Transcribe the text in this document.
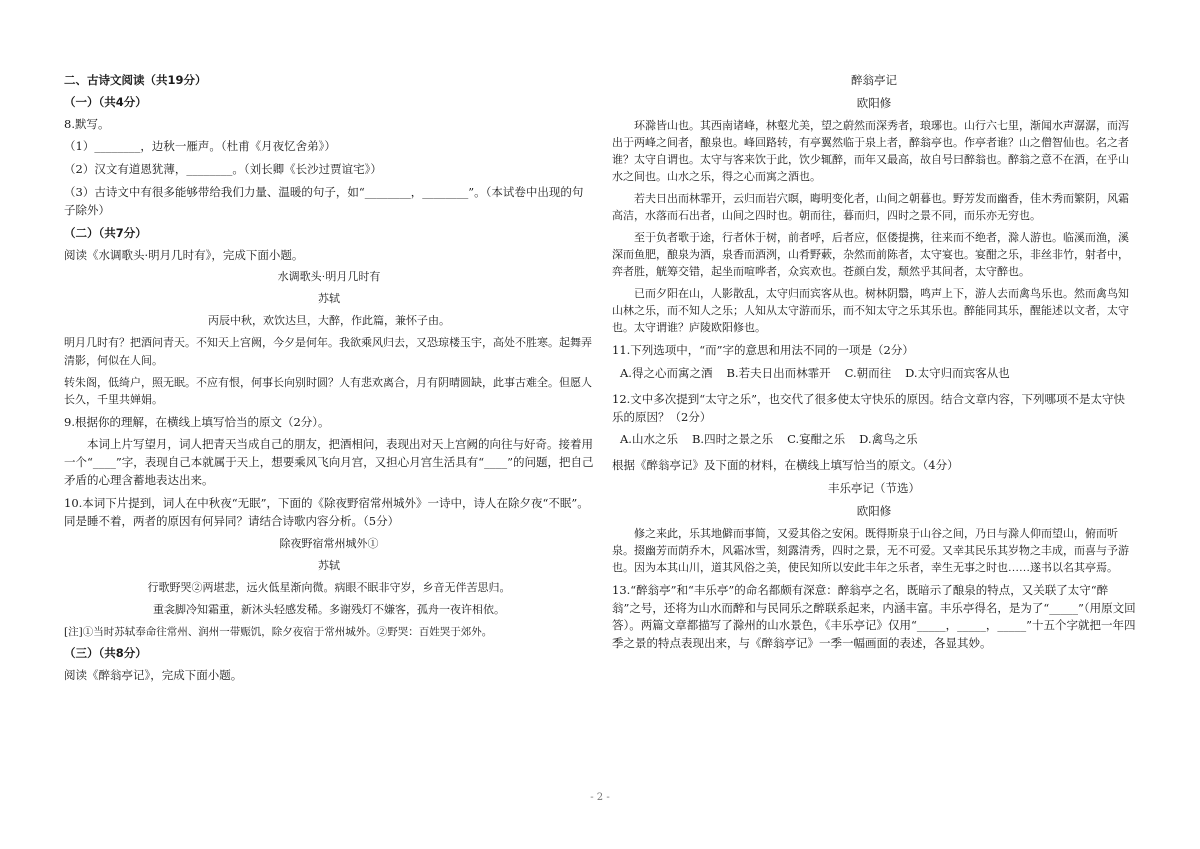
二、古诗文阅读（共19分）
（一）（共4分）
8.默写。
（1）________，边秋一雁声。（杜甫《月夜忆舍弟》）
（2）汉文有道恩犹薄，________。（刘长卿《长沙过贾谊宅》）
（3）古诗文中有很多能够带给我们力量、温暖的句子，如“________，________”。（本试卷中出现的句子除外）
（二）（共7分）
阅读《水调歌头·明月几时有》，完成下面小题。
水调歌头·明月几时有
苏轼
丙辰中秋，欢饮达旦，大醉，作此篇，兼怀子由。
明月几时有？把酒问青天。不知天上宫阙，今夕是何年。我欲乘风归去，又恐琼楼玉宇，高处不胜寒。起舞弄清影，何似在人间。
转朱阁，低绮户，照无眠。不应有恨，何事长向别时圆？人有悲欢离合，月有阴晴圆缺，此事古难全。但愿人长久，千里共婵娟。
9.根据你的理解，在横线上填写恰当的原文（2分）。
本词上片写望月，词人把青天当成自己的朋友，把酒相问，表现出对天上宫阙的向往与好奇。接着用一个“____”字，表现自己本就属于天上，想要乘风飞向月宫，又担心月宫生活具有“____”的问题，把自己矛盾的心理含蓄地表达出来。
10.本词下片提到，词人在中秋夜“无眠”，下面的《除夜野宿常州城外》一诗中，诗人在除夕夜“不眠”。同是睡不着，两者的原因有何异同？请结合诗歌内容分析。（5分）
除夜野宿常州城外①
苏轼
行歌野哭②两堪悲，远火低星渐向微。病眼不眠非守岁，乡音无伴苦思归。
重衾脚冷知霜重，新沐头轻感发稀。多谢残灯不嫌客，孤舟一夜许相依。
[注]①当时苏轼奉命往常州、润州一带赈饥，除夕夜宿于常州城外。②野哭：百姓哭于郊外。
（三）（共8分）
阅读《醉翁亭记》，完成下面小题。
醉翁亭记
欧阳修
环滁皆山也。其西南诸峰，林壑尤美，望之蔚然而深秀者，琅琊也。山行六七里，渐闻水声潺潺，而泻出于两峰之间者，酿泉也。峰回路转，有亭翼然临于泉上者，醉翁亭也。作亭者谁？山之僧智仙也。名之者谁？太守自谓也。太守与客来饮于此，饮少辄醉，而年又最高，故自号曰醉翁也。醉翁之意不在酒，在乎山水之间也。山水之乐，得之心而寓之酒也。
若夫日出而林霏开，云归而岩穴暝，晦明变化者，山间之朝暮也。野芳发而幽香，佳木秀而繁阴，风霜高洁，水落而石出者，山间之四时也。朝而往，暮而归，四时之景不同，而乐亦无穷也。
至于负者歌于途，行者休于树，前者呼，后者应，伛偻提携，往来而不绝者，滁人游也。临溪而渔，溪深而鱼肥，酿泉为酒，泉香而酒洌，山肴野蔌，杂然而前陈者，太守宴也。宴酣之乐，非丝非竹，射者中，弈者胜，觥筹交错，起坐而喧哗者，众宾欢也。苍颜白发，颓然乎其间者，太守醉也。
已而夕阳在山，人影散乱，太守归而宾客从也。树林阴翳，鸣声上下，游人去而禽鸟乐也。然而禽鸟知山林之乐，而不知人之乐；人知从太守游而乐，而不知太守之乐其乐也。醉能同其乐，醒能述以文者，太守也。太守谓谁？庐陵欧阳修也。
11.下列选项中，“而”字的意思和用法不同的一项是（2分）
A.得之心而寓之酒 B.若夫日出而林霏开 C.朝而往 D.太守归而宾客从也
12.文中多次提到“太守之乐”，也交代了很多使太守快乐的原因。结合文章内容，下列哪项不是太守快乐的原因？（2分）
A.山水之乐 B.四时之景之乐 C.宴酣之乐 D.禽鸟之乐
根据《醉翁亭记》及下面的材料，在横线上填写恰当的原文。（4分）
丰乐亭记（节选）
欧阳修
修之来此，乐其地僻而事简，又爱其俗之安闲。既得斯泉于山谷之间，乃日与滁人仰而望山，俯而听泉。掇幽芳而荫乔木，风霜冰雪，刻露清秀，四时之景，无不可爱。又幸其民乐其岁物之丰成，而喜与予游也。因为本其山川，道其风俗之美，使民知所以安此丰年之乐者，幸生无事之时也……遂书以名其亭焉。
13.“醉翁亭”和“丰乐亭”的命名都颇有深意：醉翁亭之名，既暗示了酿泉的特点，又关联了太守“醉翁”之号，还将为山水而醉和与民同乐之醉联系起来，内涵丰富。丰乐亭得名，是为了“_____”（用原文回答）。两篇文章都描写了滁州的山水景色，《丰乐亭记》仅用“_____，_____，_____”十五个字就把一年四季之景的特点表现出来，与《醉翁亭记》一季一幅画面的表述，各显其妙。
- 2 -
